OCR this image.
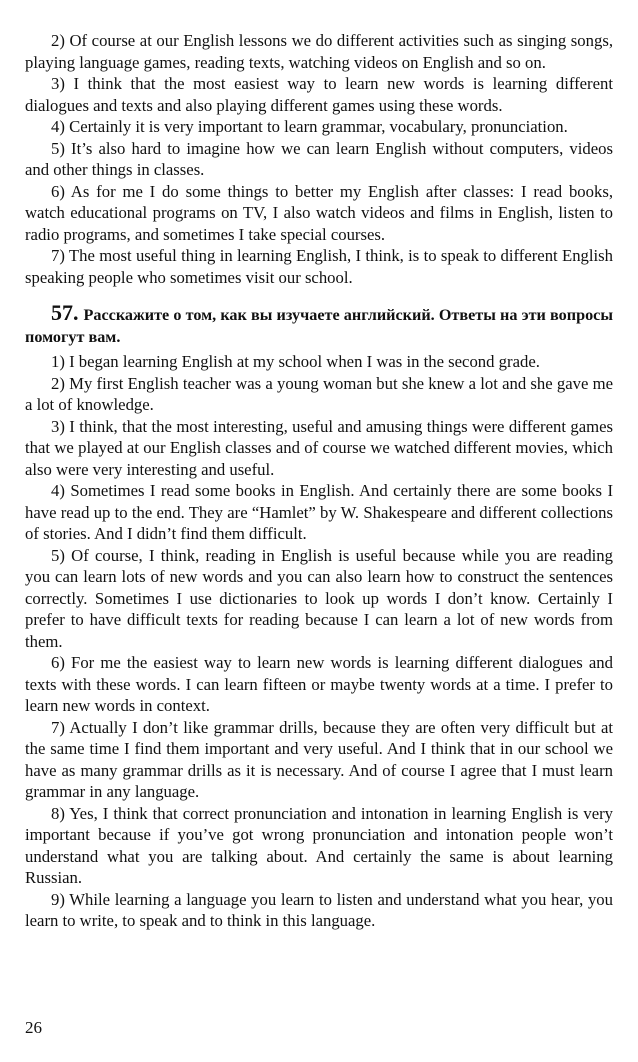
2) Of course at our English lessons we do different activities such as singing songs, playing language games, reading texts, watching videos on English and so on.

3) I think that the most easiest way to learn new words is learning different dialogues and texts and also playing different games using these words.

4) Certainly it is very important to learn grammar, vocabulary, pronunciation.

5) It’s also hard to imagine how we can learn English without computers, videos and other things in classes.

6) As for me I do some things to better my English after classes: I read books, watch educational programs on TV, I also watch videos and films in English, listen to radio programs, and sometimes I take special courses.

7) The most useful thing in learning English, I think, is to speak to different English speaking people who sometimes visit our school.

57. Расскажите о том, как вы изучаете английский. Ответы на эти вопросы помогут вам.

1) I began learning English at my school when I was in the second grade.

2) My first English teacher was a young woman but she knew a lot and she gave me a lot of knowledge.

3) I think, that the most interesting, useful and amusing things were different games that we played at our English classes and of course we watched different movies, which also were very interesting and useful.

4) Sometimes I read some books in English. And certainly there are some books I have read up to the end. They are “Hamlet” by W. Shakespeare and different collections of stories. And I didn’t find them difficult.

5) Of course, I think, reading in English is useful because while you are reading you can learn lots of new words and you can also learn how to construct the sentences correctly. Sometimes I use dictionaries to look up words I don’t know. Certainly I prefer to have difficult texts for reading because I can learn a lot of new words from them.

6) For me the easiest way to learn new words is learning different dialogues and texts with these words. I can learn fifteen or maybe twenty words at a time. I prefer to learn new words in context.

7) Actually I don’t like grammar drills, because they are often very difficult but at the same time I find them important and very useful. And I think that in our school we have as many grammar drills as it is necessary. And of course I agree that I must learn grammar in any language.

8) Yes, I think that correct pronunciation and intonation in learning English is very important because if you’ve got wrong pronunciation and intonation people won’t understand what you are talking about. And certainly the same is about learning Russian.

9) While learning a language you learn to listen and understand what you hear, you learn to write, to speak and to think in this language.

26
